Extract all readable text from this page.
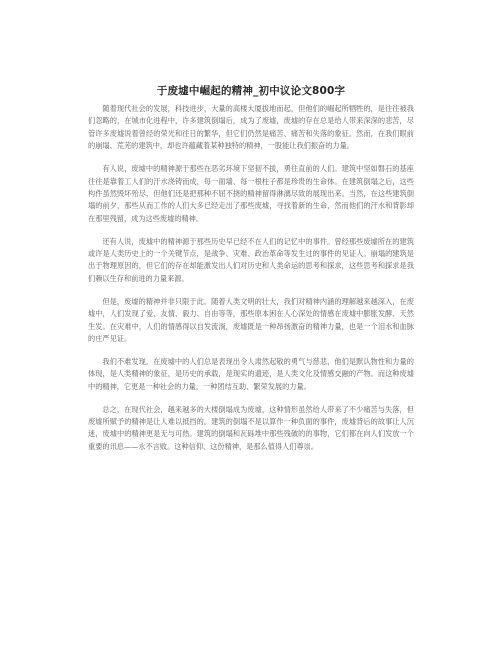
于废墟中崛起的精神_初中议论文800字

随着现代社会的发展，科技进步，大量的高楼大厦拔地而起，但他们的崛起所牺牲的，是往往被我们忽略的，在城市化进程中，许多建筑倒塌后，成为了废墟，废墟的存在总是给人带来深深的悲苦，尽管许多废墟说着曾经的荣光和往日的繁华，但它们仍然是痛苦、痛苦和失落的象征。然而，在我们眼前的崩塌、荒芜的建筑中，却也许蕴藏着某种独特的精神，一股能让我们振奋的力量。

有人说，废墟中的精神源于那些在恶劣环境下坚韧不拔，勇往直前的人们。建筑中坚如磐石的基座往往是靠着工人们的汗水浇铸而成，每一面墙、每一根柱子都是珍贵的生命体。在建筑倒塌之后，这些构件虽然毁坏殆尽，但他们还是把那种不屈不挠的精神留得淋漓尽致的展现出来。当然，在这些建筑倒塌的前夕，那些从而工作的人们大多已经走出了那些废墟，寻找着新的生命，然而他们的汗水和背影却在那里残留，成为这些废墟的精神。

还有人说，废墟中的精神源于那些历史早已经不在人们的记忆中的事件。曾经那些废墟所在的建筑或许是人类历史上的一个关键节点，是战争、灾难、政治革命等发生过的事件的见证人。崩塌的建筑是出于物理原因的，但它们的存在却能激发出人们对历史和人类命运的思考和探求，这些思考和探求是我们赖以生存和前进的力量来源。

但是，废墟的精神并非只限于此。随着人类文明的壮大，我们对精神内涵的理解越来越深入，在废墟中，人们发现了爱、友情、毅力、自由等等，那些原本困在人心深处的情感在废墟中膨胀发酵、天然生发。在灾难中，人们的情感得以自发流淌，废墟既是一种昂扬激奋的精神力量，也是一个泪水和血脉的庄严见证。

我们不难发现，在废墟中的人们总是表现出令人肃然起敬的勇气与慈悲，他们是默认物性和力量的体现，是人类精神的象征，是历史的承载，是现实的遗迹，是人类文化及情感交融的产物。而这种废墟中的精神，它更是一种社会的力量，一种团结互助、繁荣发展的力量。

总之，在现代社会，越来越多的大楼倒塌成为废墟，这种情形虽然给人带来了不少痛苦与失落，但废墟所赋予的精神是让人难以抵挡的。建筑的倒塌不是以算作一种负面的事件，废墟背后的故事让人沉迷，废墟中的精神更是无与可热。建筑的倒塌和瓦砾堆中那些残破的的事物，它们都在向人们发放一个重要的讯息——永不言败。这种信仰、这份精神，是那么值得人们尊崇。
